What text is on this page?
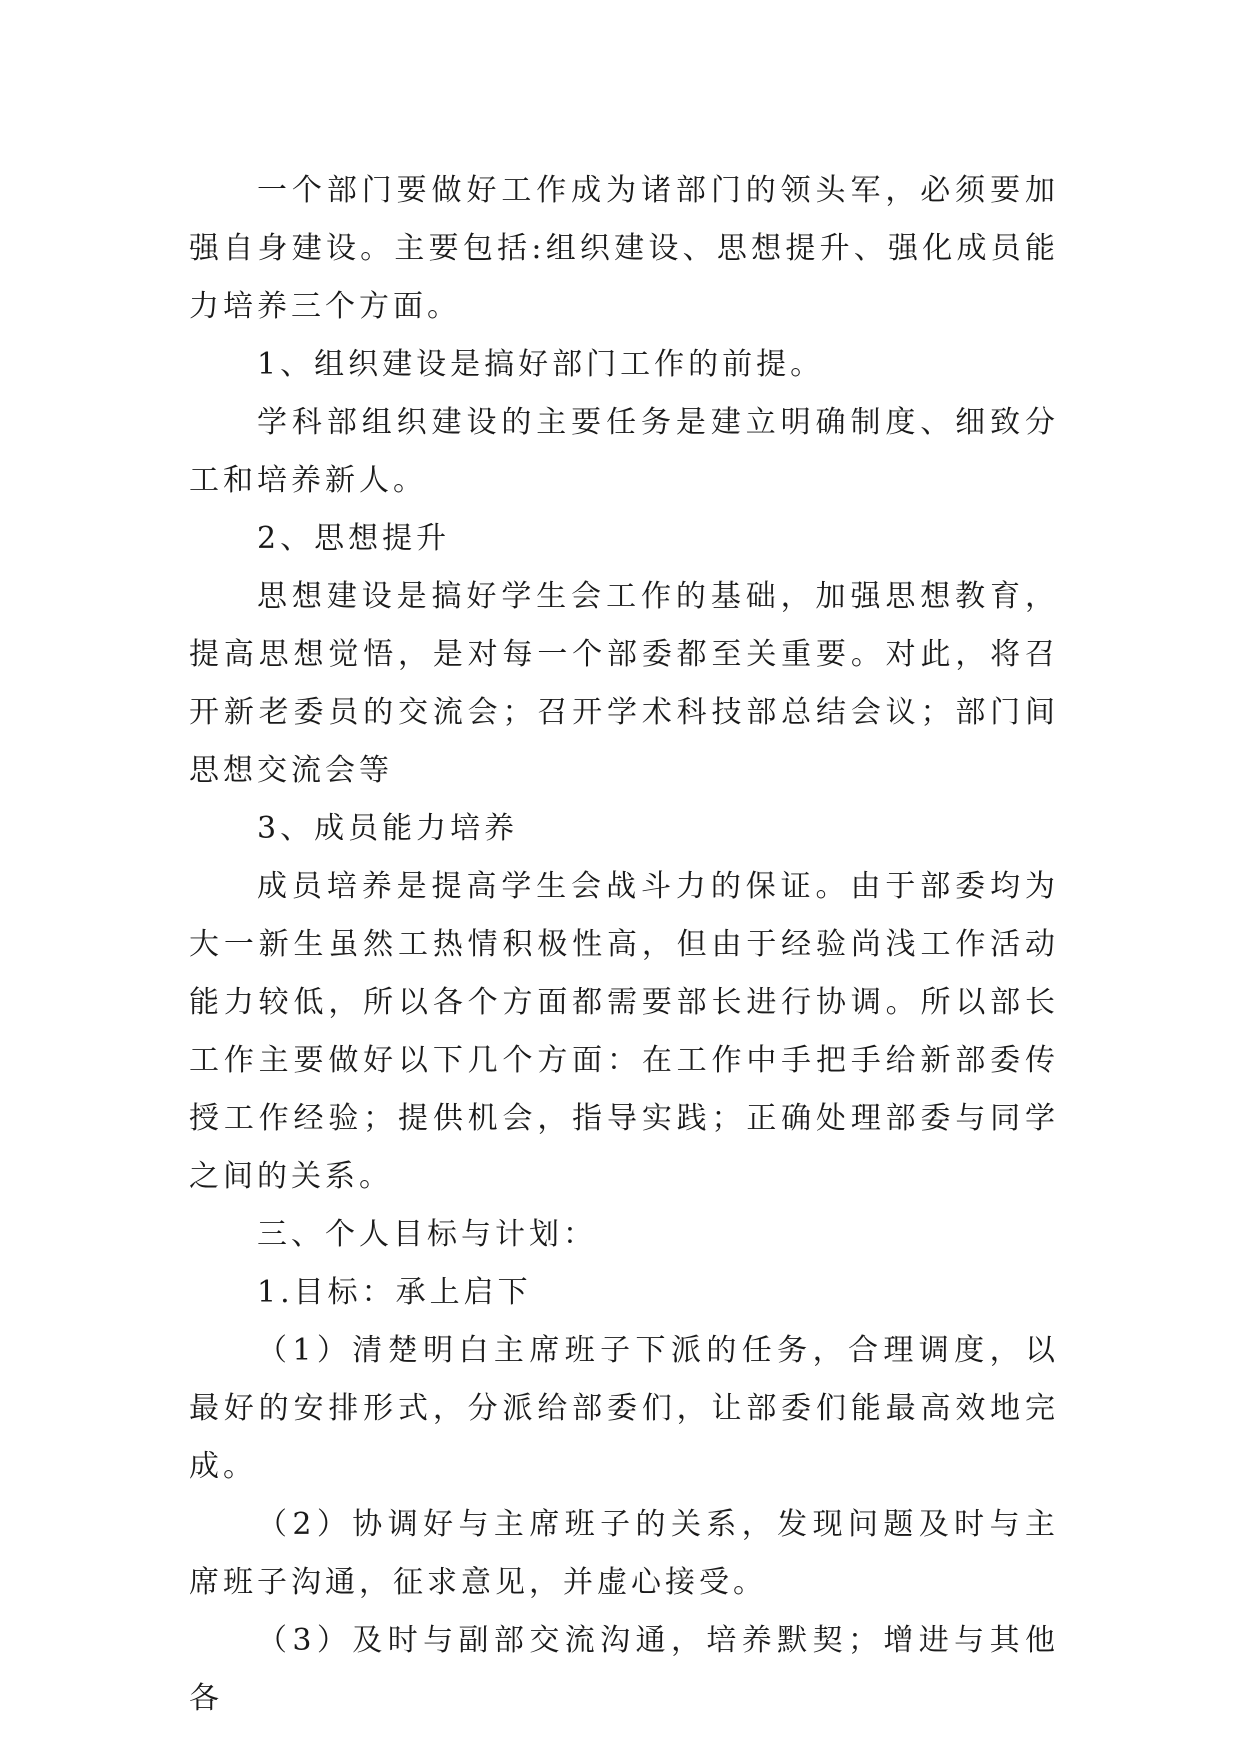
一个部门要做好工作成为诸部门的领头军，必须要加强自身建设。主要包括:组织建设、思想提升、强化成员能力培养三个方面。

1、组织建设是搞好部门工作的前提。

学科部组织建设的主要任务是建立明确制度、细致分工和培养新人。

2、思想提升

思想建设是搞好学生会工作的基础，加强思想教育，提高思想觉悟，是对每一个部委都至关重要。对此，将召开新老委员的交流会；召开学术科技部总结会议；部门间思想交流会等

3、成员能力培养

成员培养是提高学生会战斗力的保证。由于部委均为大一新生虽然工热情积极性高，但由于经验尚浅工作活动能力较低，所以各个方面都需要部长进行协调。所以部长工作主要做好以下几个方面：在工作中手把手给新部委传授工作经验；提供机会，指导实践；正确处理部委与同学之间的关系。

三、个人目标与计划：

1.目标：承上启下

（1）清楚明白主席班子下派的任务，合理调度，以最好的安排形式，分派给部委们，让部委们能最高效地完成。

（2）协调好与主席班子的关系，发现问题及时与主席班子沟通，征求意见，并虚心接受。

（3）及时与副部交流沟通，培养默契；增进与其他各
